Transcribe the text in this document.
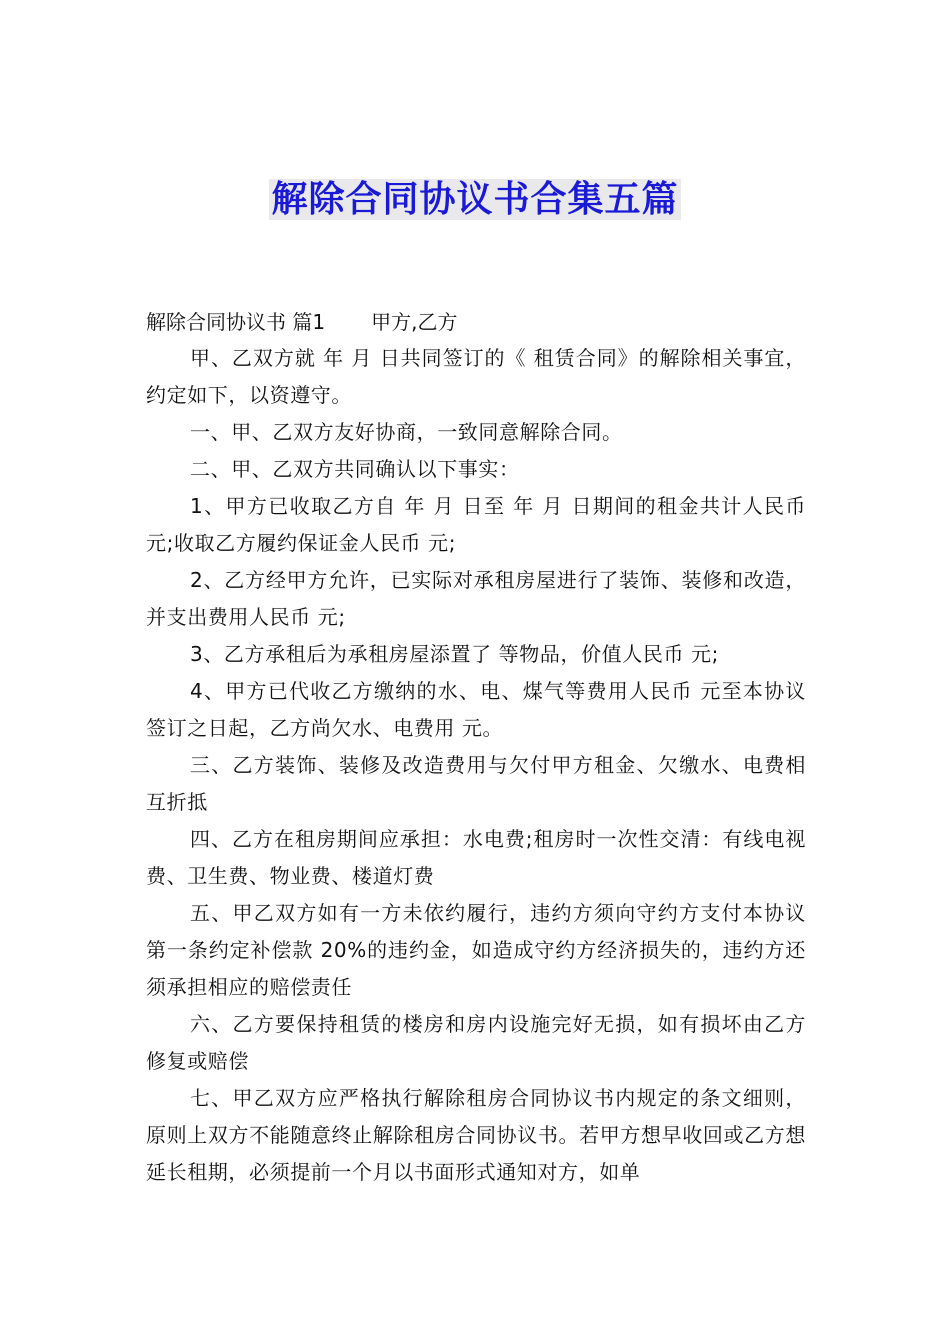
解除合同协议书合集五篇

解除合同协议书 篇1 甲方,乙方

甲、乙双方就 年 月 日共同签订的《 租赁合同》的解除相关事宜，约定如下，以资遵守。

一、甲、乙双方友好协商，一致同意解除合同。

二、甲、乙双方共同确认以下事实：

1、甲方已收取乙方自 年 月 日至 年 月 日期间的租金共计人民币 元;收取乙方履约保证金人民币 元;

2、乙方经甲方允许，已实际对承租房屋进行了装饰、装修和改造，并支出费用人民币 元;

3、乙方承租后为承租房屋添置了 等物品，价值人民币 元;

4、甲方已代收乙方缴纳的水、电、煤气等费用人民币 元至本协议签订之日起，乙方尚欠水、电费用 元。

三、乙方装饰、装修及改造费用与欠付甲方租金、欠缴水、电费相互折抵

四、乙方在租房期间应承担：水电费;租房时一次性交清：有线电视费、卫生费、物业费、楼道灯费

五、甲乙双方如有一方未依约履行，违约方须向守约方支付本协议第一条约定补偿款 20%的违约金，如造成守约方经济损失的，违约方还须承担相应的赔偿责任

六、乙方要保持租赁的楼房和房内设施完好无损，如有损坏由乙方修复或赔偿

七、甲乙双方应严格执行解除租房合同协议书内规定的条文细则，原则上双方不能随意终止解除租房合同协议书。若甲方想早收回或乙方想延长租期，必须提前一个月以书面形式通知对方，如单
